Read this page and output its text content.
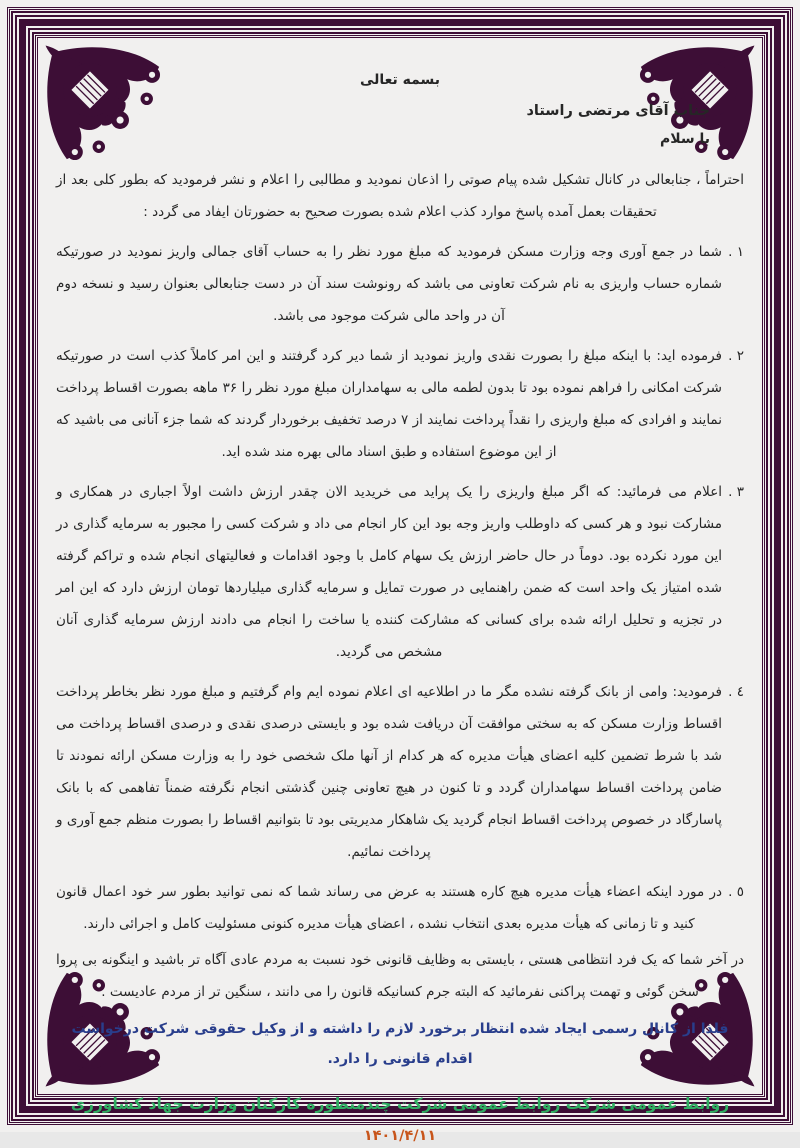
بسمه تعالی
جناب آقای مرتضی راستاد
با سلام

احتراماً ، جنابعالی در کانال تشکیل شده پیام صوتی را اذعان نمودید و مطالبی را اعلام و نشر فرمودید که بطور کلی بعد از تحقیقات بعمل آمده پاسخ موارد کذب اعلام شده بصورت صحیح به حضورتان ایفاد می گردد :

۱ .
شما در جمع آوری وجه وزارت مسکن فرمودید که مبلغ مورد نظر را به حساب آقای جمالی واریز نمودید در صورتیکه شماره حساب واریزی به نام شرکت تعاونی می باشد که رونوشت سند آن در دست جنابعالی بعنوان رسید و نسخه دوم آن در واحد مالی شرکت موجود می باشد.
۲ .
فرموده اید: با اینکه مبلغ را بصورت نقدی واریز نمودید از شما دیر کرد گرفتند و این امر کاملاً کذب است در صورتیکه شرکت امکانی را فراهم نموده بود تا بدون لطمه مالی به سهامداران مبلغ مورد نظر را ۳۶ ماهه بصورت اقساط پرداخت نمایند و افرادی که مبلغ واریزی را نقداً پرداخت نمایند از ۷ درصد تخفیف برخوردار گردند که شما جزء آنانی می باشید که از این موضوع استفاده و طبق اسناد مالی بهره مند شده اید.
۳ .
اعلام می فرمائید: که اگر مبلغ واریزی را یک پراید می خریدید الان چقدر ارزش داشت اولاً اجباری در همکاری و مشارکت نبود و هر کسی که داوطلب واریز وجه بود این کار انجام می داد و شرکت کسی را مجبور به سرمایه گذاری در این مورد نکرده بود. دوماً در حال حاضر ارزش یک سهام کامل با وجود اقدامات و فعالیتهای انجام شده و تراکم گرفته شده امتیاز یک واحد است که ضمن راهنمایی در صورت تمایل و سرمایه گذاری میلیاردها تومان ارزش دارد که این امر در تجزیه و تحلیل ارائه شده برای کسانی که مشارکت کننده یا ساخت را انجام می دادند ارزش سرمایه گذاری آنان مشخص می گردید.
٤ .
فرمودید: وامی از بانک گرفته نشده مگر ما در اطلاعیه ای اعلام نموده ایم وام گرفتیم و مبلغ مورد نظر بخاطر پرداخت اقساط وزارت مسکن که به سختی موافقت آن دریافت شده بود و بایستی درصدی نقدی و درصدی اقساط پرداخت می شد با شرط تضمین کلیه اعضای هیأت مدیره که هر کدام از آنها ملک شخصی خود را به وزارت مسکن ارائه نمودند تا ضامن پرداخت اقساط سهامداران گردد و تا کنون در هیچ تعاونی چنین گذشتی انجام نگرفته ضمناً تفاهمی که با بانک پاسارگاد در خصوص پرداخت اقساط انجام گردید یک شاهکار مدیریتی بود تا بتوانیم اقساط را بصورت منظم جمع آوری و پرداخت نمائیم.
٥ .
در مورد اینکه اعضاء هیأت مدیره هیچ کاره هستند به عرض می رساند شما که نمی توانید بطور سر خود اعمال قانون کنید و تا زمانی که هیأت مدیره بعدی انتخاب نشده ، اعضای هیأت مدیره کنونی مسئولیت کامل و اجرائی دارند.

در آخر شما که یک فرد انتظامی هستی ، بایستی به وظایف قانونی خود نسبت به مردم عادی آگاه تر باشید و اینگونه بی پروا سخن گوئی و تهمت پراکنی نفرمائید که البته جرم کسانیکه قانون را می دانند ، سنگین تر از مردم عادیست .

فلذا از کانال رسمی ایجاد شده انتظار برخورد لازم را داشته و از وکیل حقوقی شرکت درخواست اقدام قانونی را دارد.
روابط عمومی شرکت روابط عمومی شرکت چندمنظوره کارکنان وزارت جهاد کشاورزی
۱۴۰۱/۴/۱۱
